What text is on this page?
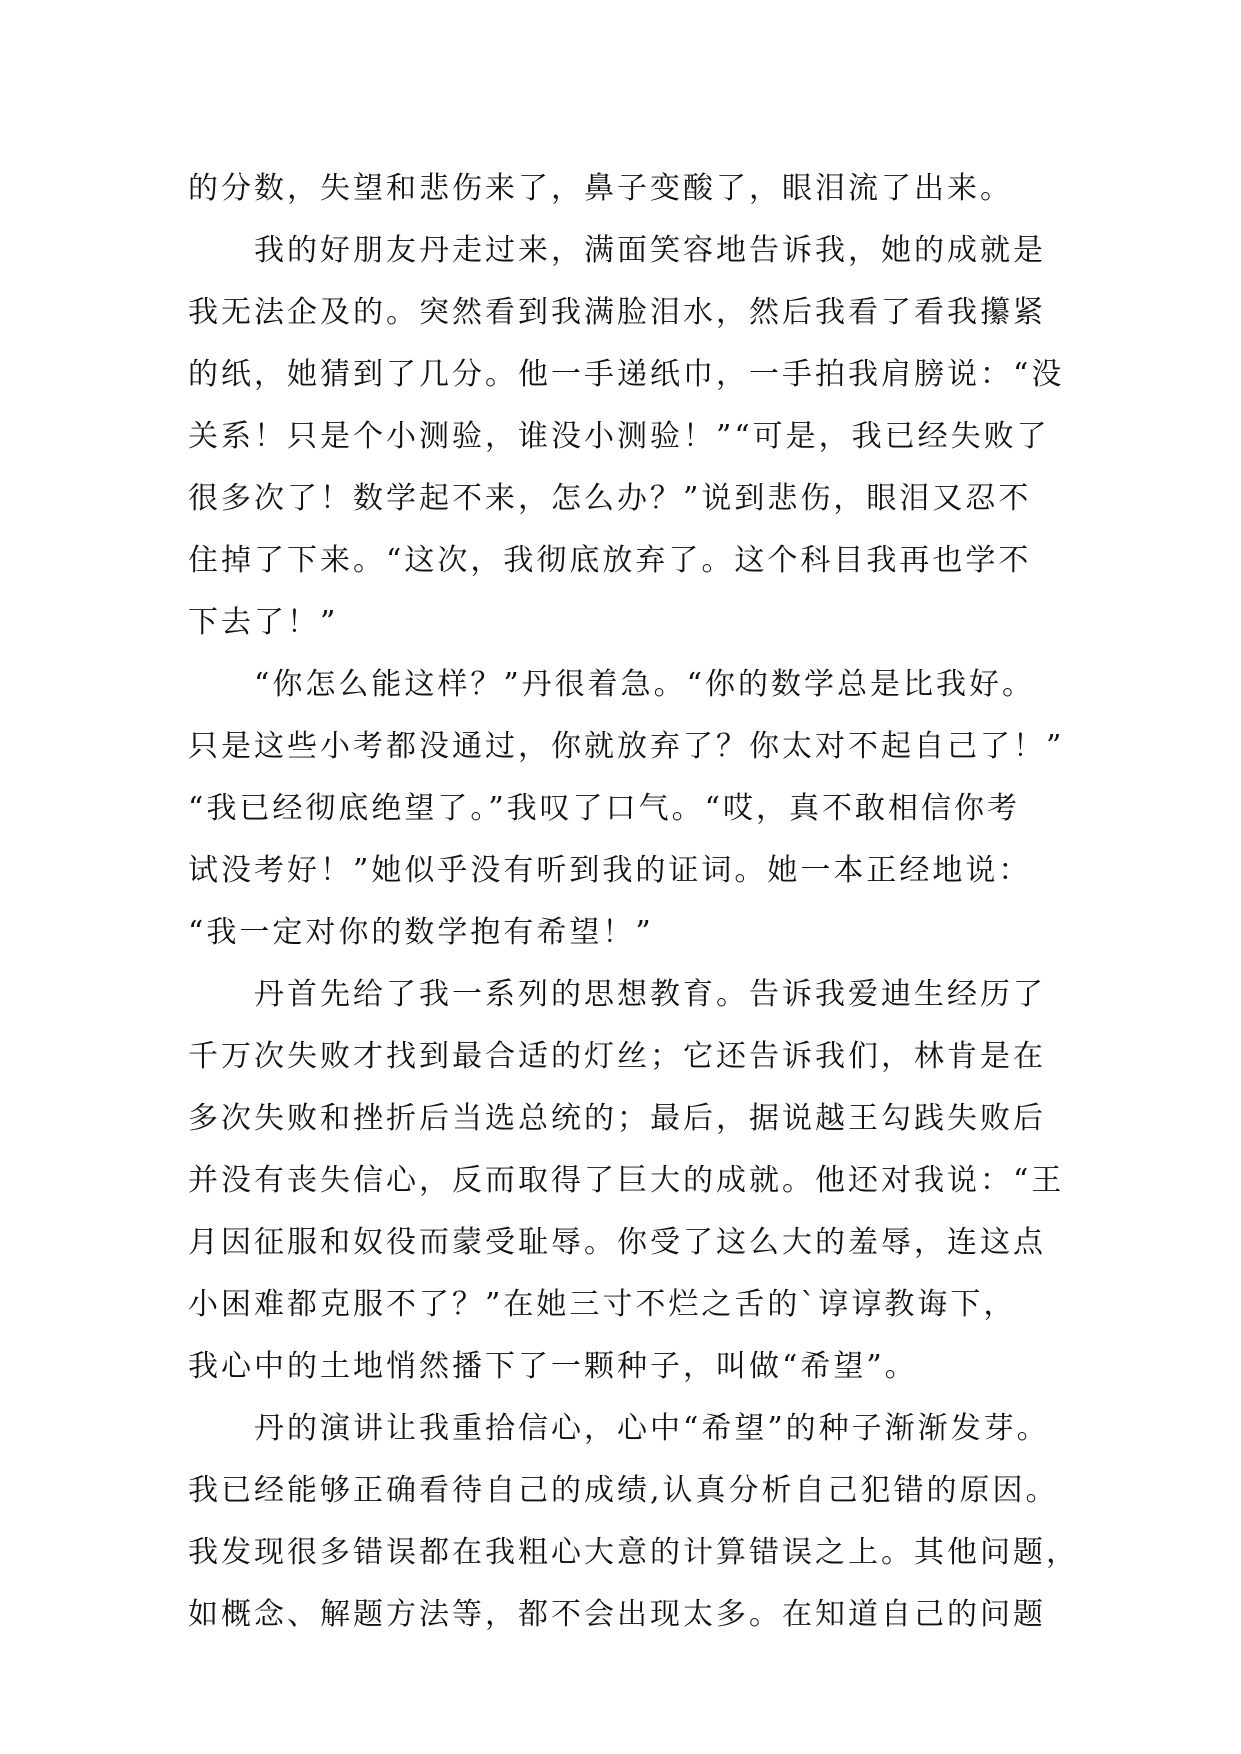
的分数，失望和悲伤来了，鼻子变酸了，眼泪流了出来。
　　我的好朋友丹走过来，满面笑容地告诉我，她的成就是
我无法企及的。突然看到我满脸泪水，然后我看了看我攥紧
的纸，她猜到了几分。他一手递纸巾，一手拍我肩膀说：“没
关系！只是个小测验，谁没小测验！”“可是，我已经失败了
很多次了！数学起不来，怎么办？”说到悲伤，眼泪又忍不
住掉了下来。“这次，我彻底放弃了。这个科目我再也学不
下去了！”
　　“你怎么能这样？”丹很着急。“你的数学总是比我好。
只是这些小考都没通过，你就放弃了？你太对不起自己了！”
“我已经彻底绝望了。”我叹了口气。“哎，真不敢相信你考
试没考好！”她似乎没有听到我的证词。她一本正经地说：
“我一定对你的数学抱有希望！”
　　丹首先给了我一系列的思想教育。告诉我爱迪生经历了
千万次失败才找到最合适的灯丝；它还告诉我们，林肯是在
多次失败和挫折后当选总统的；最后，据说越王勾践失败后
并没有丧失信心，反而取得了巨大的成就。他还对我说：“王
月因征服和奴役而蒙受耻辱。你受了这么大的羞辱，连这点
小困难都克服不了？”在她三寸不烂之舌的`谆谆教诲下，
我心中的土地悄然播下了一颗种子，叫做“希望”。
　　丹的演讲让我重拾信心，心中“希望”的种子渐渐发芽。
我已经能够正确看待自己的成绩,认真分析自己犯错的原因。
我发现很多错误都在我粗心大意的计算错误之上。其他问题，
如概念、解题方法等，都不会出现太多。在知道自己的问题
